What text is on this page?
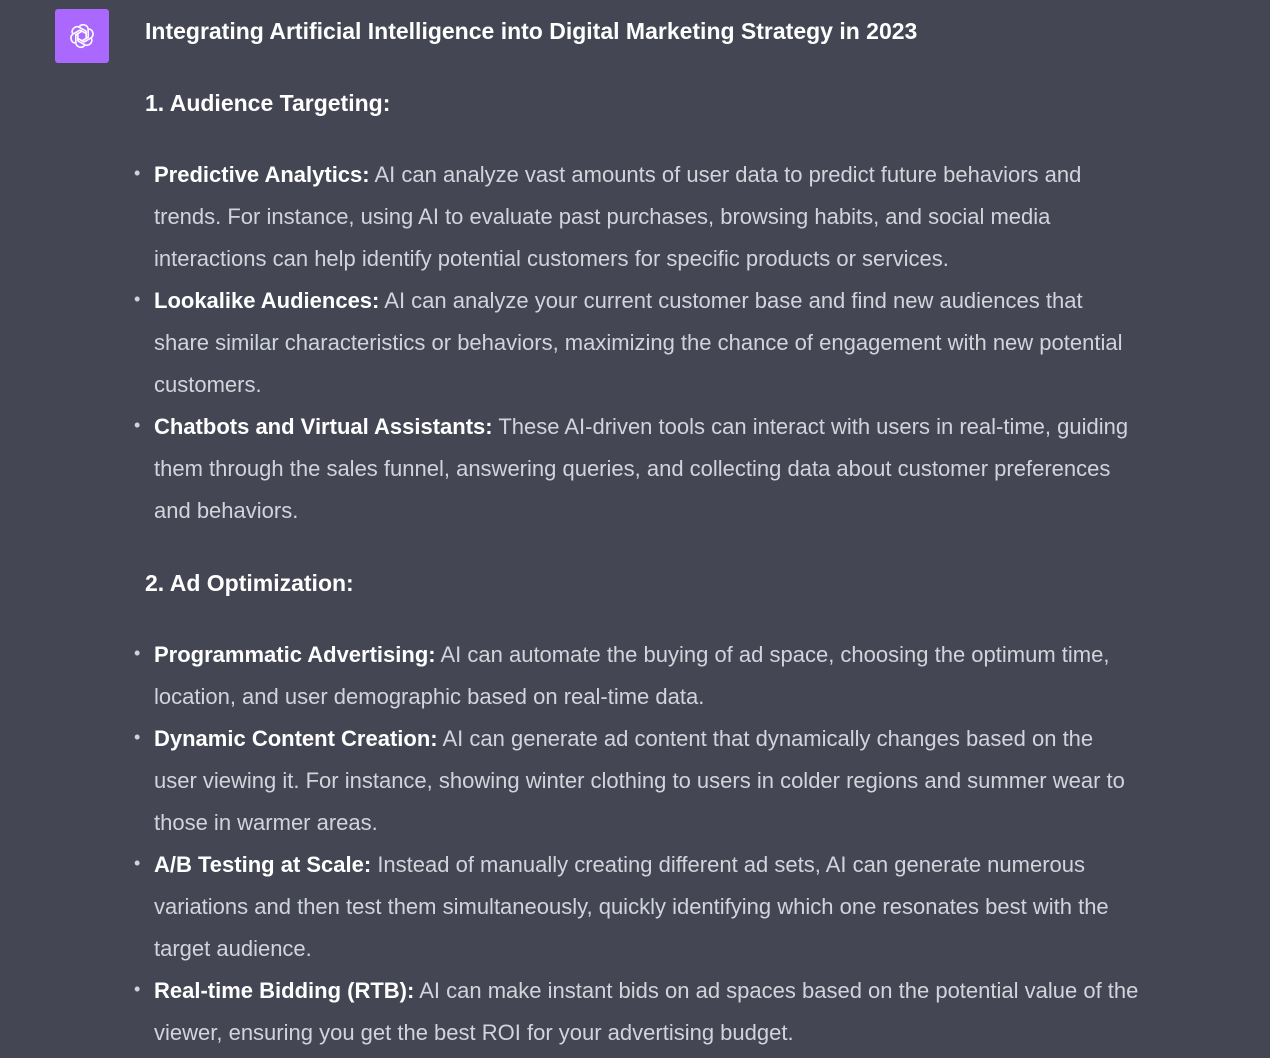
Integrating Artificial Intelligence into Digital Marketing Strategy in 2023
1. Audience Targeting:
• Predictive Analytics: AI can analyze vast amounts of user data to predict future behaviors and trends. For instance, using AI to evaluate past purchases, browsing habits, and social media interactions can help identify potential customers for specific products or services.
• Lookalike Audiences: AI can analyze your current customer base and find new audiences that share similar characteristics or behaviors, maximizing the chance of engagement with new potential customers.
• Chatbots and Virtual Assistants: These AI-driven tools can interact with users in real-time, guiding them through the sales funnel, answering queries, and collecting data about customer preferences and behaviors.
2. Ad Optimization:
• Programmatic Advertising: AI can automate the buying of ad space, choosing the optimum time, location, and user demographic based on real-time data.
• Dynamic Content Creation: AI can generate ad content that dynamically changes based on the user viewing it. For instance, showing winter clothing to users in colder regions and summer wear to those in warmer areas.
• A/B Testing at Scale: Instead of manually creating different ad sets, AI can generate numerous variations and then test them simultaneously, quickly identifying which one resonates best with the target audience.
• Real-time Bidding (RTB): AI can make instant bids on ad spaces based on the potential value of the viewer, ensuring you get the best ROI for your advertising budget.
